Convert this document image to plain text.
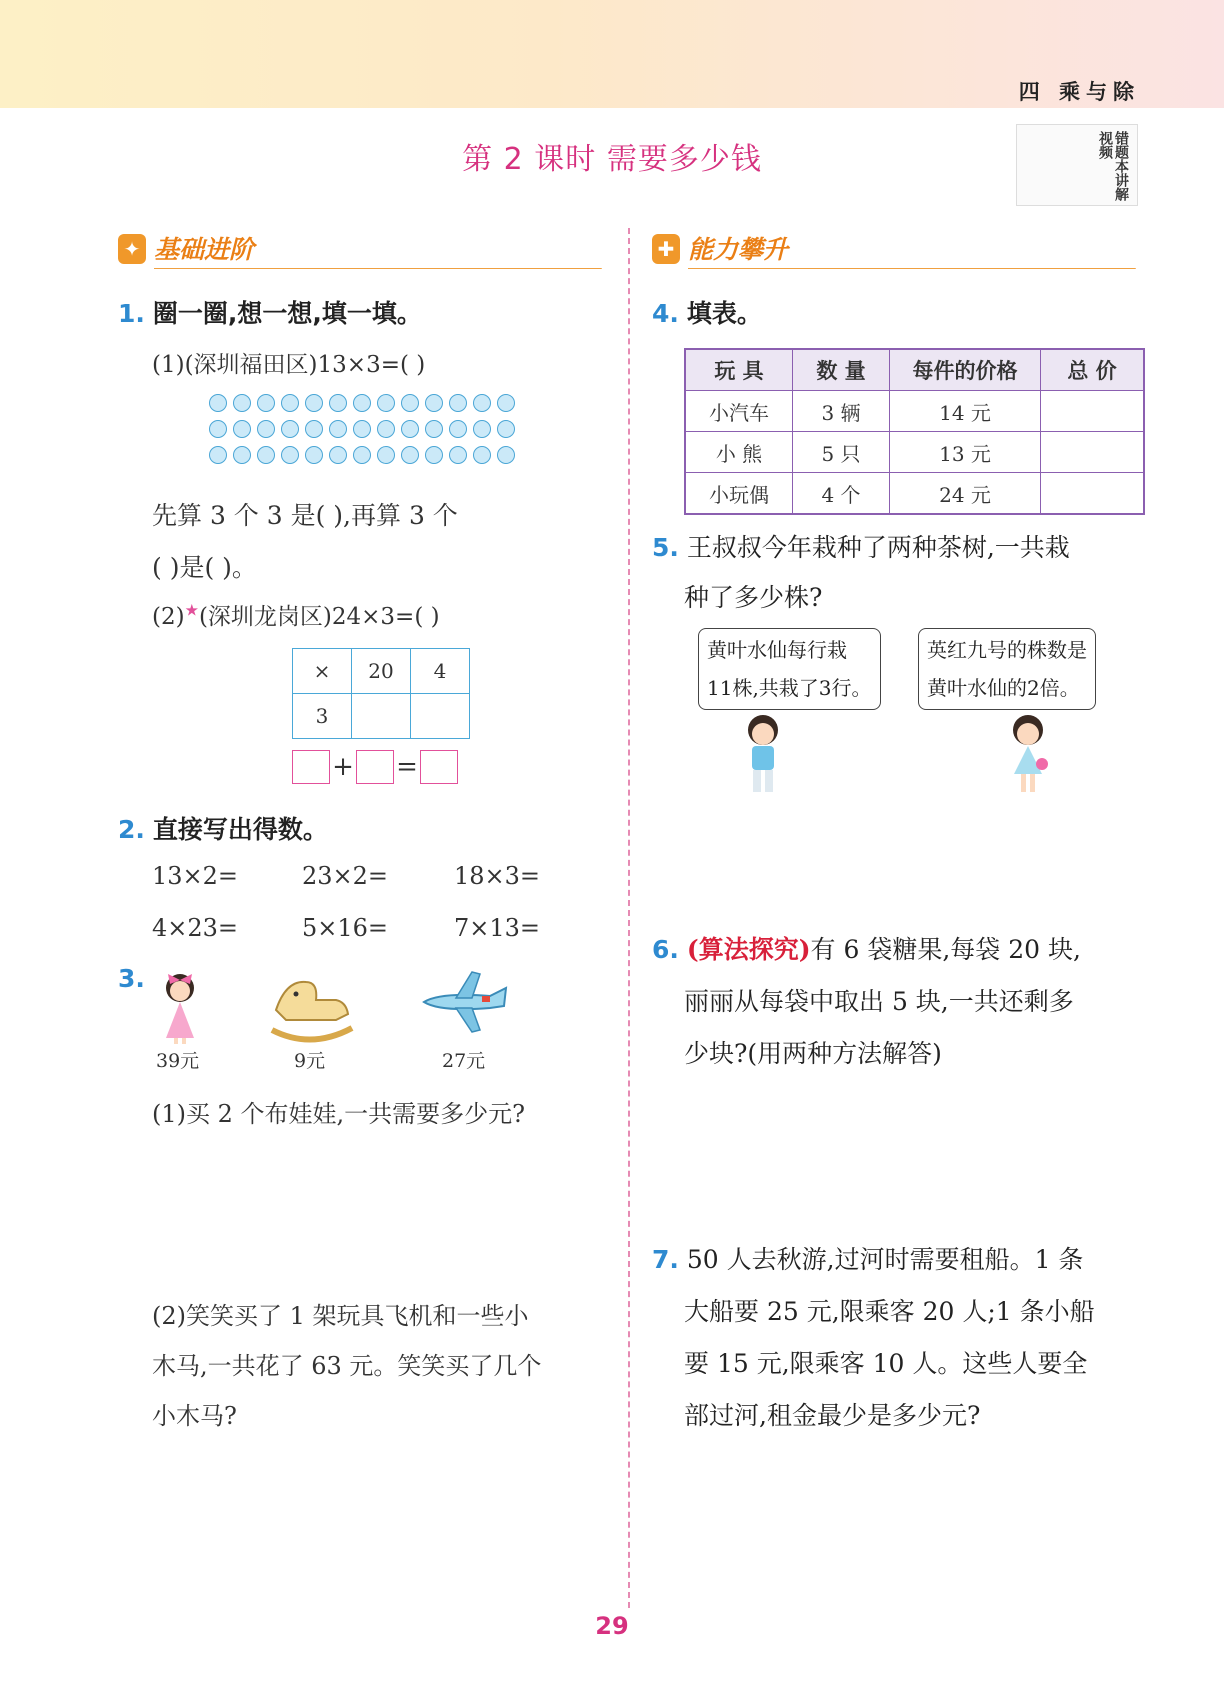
四 乘与除
第 2 课时 需要多少钱	错题本讲解视频
✦ 基础进阶
1. 圈一圈,想一想,填一填。
(1)(深圳福田区)13×3=( )
先算 3 个 3 是( ),再算 3 个
( )是( )。
(2)★(深圳龙岗区)24×3=( )
×	20	4
3		
+ =
2. 直接写出得数。
13×2=	23×2=	18×3=
4×23=	5×16=	7×13=
3.
39元	9元	27元
(1)买 2 个布娃娃,一共需要多少元?
(2)笑笑买了 1 架玩具飞机和一些小
木马,一共花了 63 元。笑笑买了几个
小木马?
✚ 能力攀升
4. 填表。
玩 具	数 量	每件的价格	总 价
小汽车	3 辆	14 元	
小 熊	5 只	13 元	
小玩偶	4 个	24 元	
5. 王叔叔今年栽种了两种茶树,一共栽
种了多少株?
黄叶水仙每行栽
11株,共栽了3行。
英红九号的株数是
黄叶水仙的2倍。
6. (算法探究)有 6 袋糖果,每袋 20 块,
丽丽从每袋中取出 5 块,一共还剩多
少块?(用两种方法解答)
7. 50 人去秋游,过河时需要租船。1 条
大船要 25 元,限乘客 20 人;1 条小船
要 15 元,限乘客 10 人。这些人要全
部过河,租金最少是多少元?
29
